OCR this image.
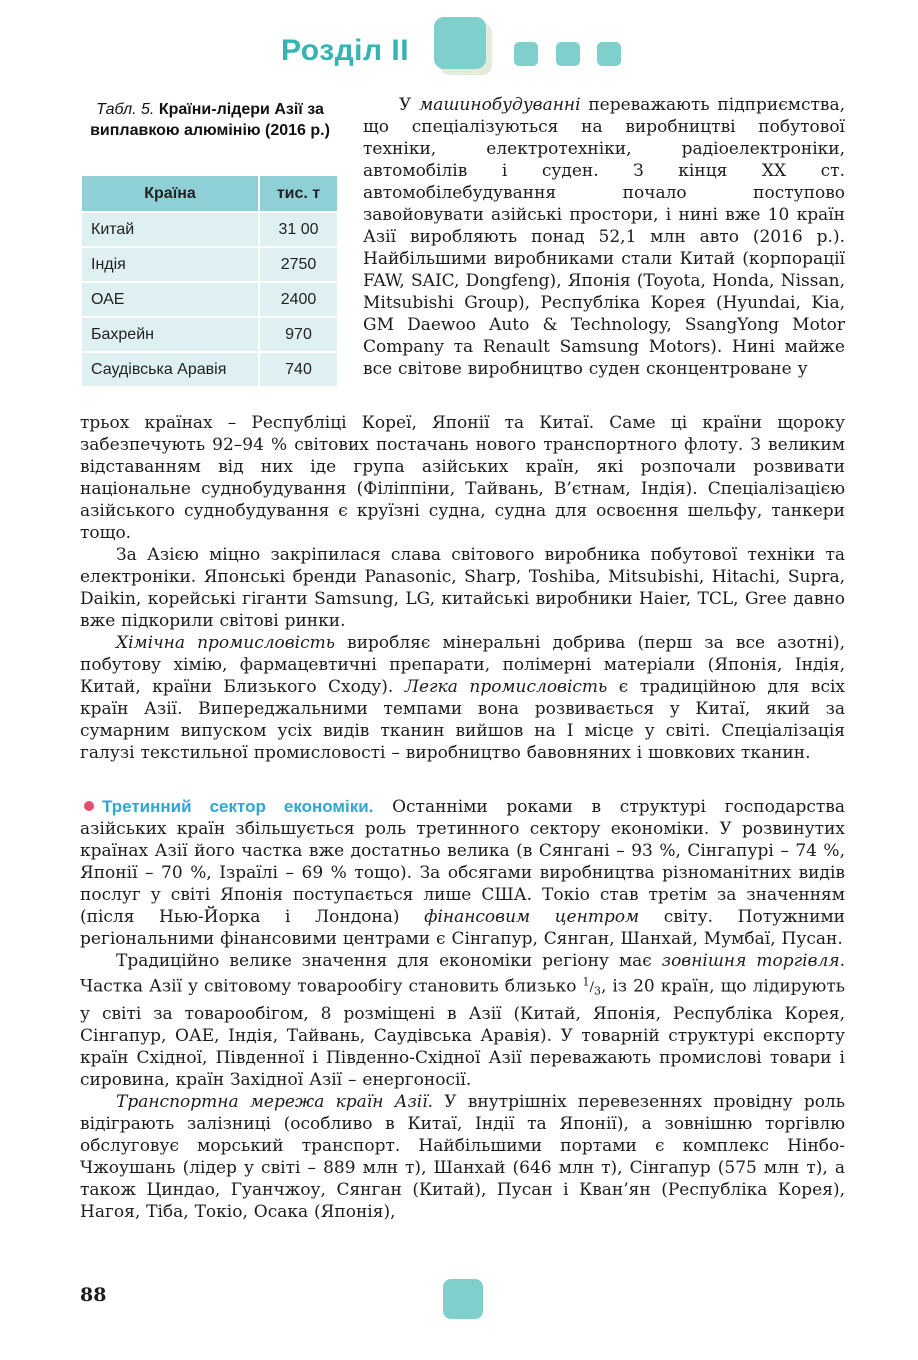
Розділ II
Табл. 5. Країни-лідери Азії за виплавкою алюмінію (2016 р.)
Країна	тис. т
Китай	31 00
Індія	2750
ОАЕ	2400
Бахрейн	970
Саудівська Аравія	740

У машинобудуванні переважають підприємства, що спеціалізуються на виробництві побутової техніки, електротехніки, радіоелектроніки, автомобілів і суден. З кінця XX ст. автомобілебудування почало поступово завойовувати азійські простори, і нині вже 10 країн Азії виробляють понад 52,1 млн авто (2016 р.). Найбільшими виробниками стали Китай (корпорації FAW, SAIC, Dongfeng), Японія (Toyota, Honda, Nissan, Mitsubishi Group), Республіка Корея (Hyundai, Kia, GM Daewoo Auto & Technology, SsangYong Motor Company та Renault Samsung Motors). Нині майже все світове виробництво суден сконцентроване у

трьох країнах – Республіці Кореї, Японії та Китаї. Саме ці країни щороку забезпечують 92–94 % світових постачань нового транспортного флоту. З великим відставанням від них іде група азійських країн, які розпочали розвивати національне суднобудування (Філіппіни, Тайвань, В’єтнам, Індія). Спеціалізацією азійського суднобудування є круїзні судна, судна для освоєння шельфу, танкери тощо.

За Азією міцно закріпилася слава світового виробника побутової техніки та електроніки. Японські бренди Panasonic, Sharp, Toshiba, Mitsubishi, Hitachi, Supra, Daikin, корейські гіганти Samsung, LG, китайські виробники Haier, TCL, Gree давно вже підкорили світові ринки.

Хімічна промисловість виробляє мінеральні добрива (перш за все азотні), побутову хімію, фармацевтичні препарати, полімерні матеріали (Японія, Індія, Китай, країни Близького Сходу). Легка промисловість є традиційною для всіх країн Азії. Випереджальними темпами вона розвивається у Китаї, який за сумарним випуском усіх видів тканин вийшов на I місце у світі. Спеціалізація галузі текстильної промисловості – виробництво бавовняних і шовкових тканин.

Третинний сектор економіки. Останніми роками в структурі господарства азійських країн збільшується роль третинного сектору економіки. У розвинутих країнах Азії його частка вже достатньо велика (в Сянгані – 93 %, Сінгапурі – 74 %, Японії – 70 %, Ізраїлі – 69 % тощо). За обсягами виробництва різноманітних видів послуг у світі Японія поступається лише США. Токіо став третім за значенням (після Нью-Йорка і Лондона) фінансовим центром світу. Потужними регіональними фінансовими центрами є Сінгапур, Сянган, Шанхай, Мумбаї, Пусан.

Традиційно велике значення для економіки регіону має зовнішня торгівля. Частка Азії у світовому товарообігу становить близько $^1/_3$, із 20 країн, що лідирують у світі за товарообігом, 8 розміщені в Азії (Китай, Японія, Республіка Корея, Сінгапур, ОАЕ, Індія, Тайвань, Саудівська Аравія). У товарній структурі експорту країн Східної, Південної і Південно-Східної Азії переважають промислові товари і сировина, країн Західної Азії – енергоносії.

Транспортна мережа країн Азії. У внутрішніх перевезеннях провідну роль відіграють залізниці (особливо в Китаї, Індії та Японії), а зовнішню торгівлю обслуговує морський транспорт. Найбільшими портами є комплекс Нінбо-Чжоушань (лідер у світі – 889 млн т), Шанхай (646 млн т), Сінгапур (575 млн т), а також Циндао, Гуанчжоу, Сянган (Китай), Пусан і Кван’ян (Республіка Корея), Нагоя, Тіба, Токіо, Осака (Японія),

88
